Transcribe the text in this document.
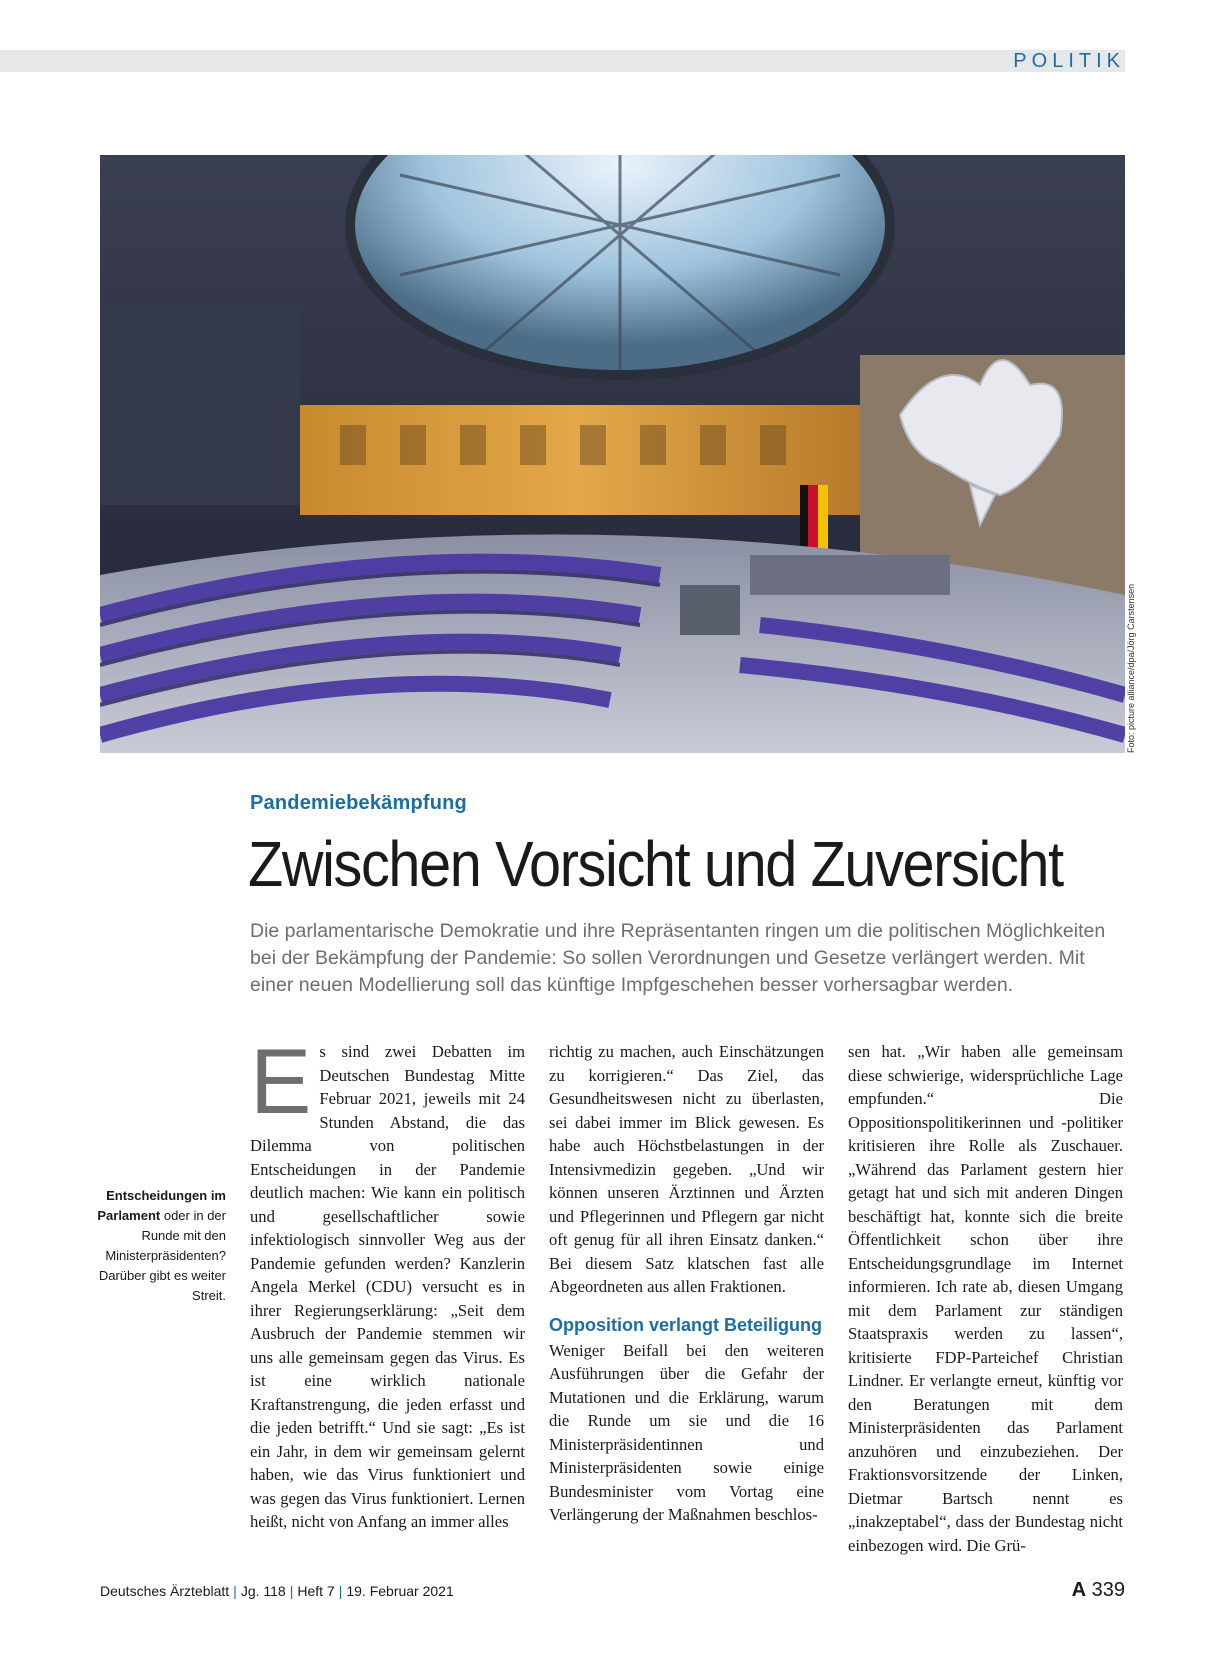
POLITIK
Foto: picture alliance/dpa/Jörg Carstensen
Pandemiebekämpfung
Zwischen Vorsicht und Zuversicht
Die parlamentarische Demokratie und ihre Repräsentanten ringen um die politischen Möglichkeiten bei der Bekämpfung der Pandemie: So sollen Verordnungen und Gesetze verlängert werden. Mit einer neuen Modellierung soll das künftige Impfgeschehen besser vorhersagbar werden.
Entscheidungen im Parlament oder in der Runde mit den Ministerpräsidenten? Darüber gibt es weiter Streit.
E s sind zwei Debatten im Deutschen Bundestag Mitte Februar 2021, jeweils mit 24 Stunden Abstand, die das Dilemma von politischen Entscheidungen in der Pandemie deutlich machen: Wie kann ein politisch und gesellschaftlicher sowie infektiologisch sinnvoller Weg aus der Pandemie gefunden werden? Kanzlerin Angela Merkel (CDU) versucht es in ihrer Regierungserklärung: „Seit dem Ausbruch der Pandemie stemmen wir uns alle gemeinsam gegen das Virus. Es ist eine wirklich nationale Kraftanstrengung, die jeden erfasst und die jeden betrifft.“ Und sie sagt: „Es ist ein Jahr, in dem wir gemeinsam gelernt haben, wie das Virus funktioniert und was gegen das Virus funktioniert. Lernen heißt, nicht von Anfang an immer alles

richtig zu machen, auch Einschätzungen zu korrigieren.“ Das Ziel, das Gesundheitswesen nicht zu überlasten, sei dabei immer im Blick gewesen. Es habe auch Höchstbelastungen in der Intensivmedizin gegeben. „Und wir können unseren Ärztinnen und Ärzten und Pflegerinnen und Pflegern gar nicht oft genug für all ihren Einsatz danken.“ Bei diesem Satz klatschen fast alle Abgeordneten aus allen Fraktionen.

Opposition verlangt Beteiligung

Weniger Beifall bei den weiteren Ausführungen über die Gefahr der Mutationen und die Erklärung, warum die Runde um sie und die 16 Ministerpräsidentinnen und Ministerpräsidenten sowie einige Bundesminister vom Vortag eine Verlängerung der Maßnahmen beschlos-

sen hat. „Wir haben alle gemeinsam diese schwierige, widersprüchliche Lage empfunden.“ Die Oppositionspolitikerinnen und -politiker kritisieren ihre Rolle als Zuschauer. „Während das Parlament gestern hier getagt hat und sich mit anderen Dingen beschäftigt hat, konnte sich die breite Öffentlichkeit schon über ihre Entscheidungsgrundlage im Internet informieren. Ich rate ab, diesen Umgang mit dem Parlament zur ständigen Staatspraxis werden zu lassen“, kritisierte FDP-Parteichef Christian Lindner. Er verlangte erneut, künftig vor den Beratungen mit dem Ministerpräsidenten das Parlament anzuhören und einzubeziehen. Der Fraktionsvorsitzende der Linken, Dietmar Bartsch nennt es „inakzeptabel“, dass der Bundestag nicht einbezogen wird. Die Grü-

Deutsches Ärzteblatt | Jg. 118 | Heft 7 | 19. Februar 2021	A 339
